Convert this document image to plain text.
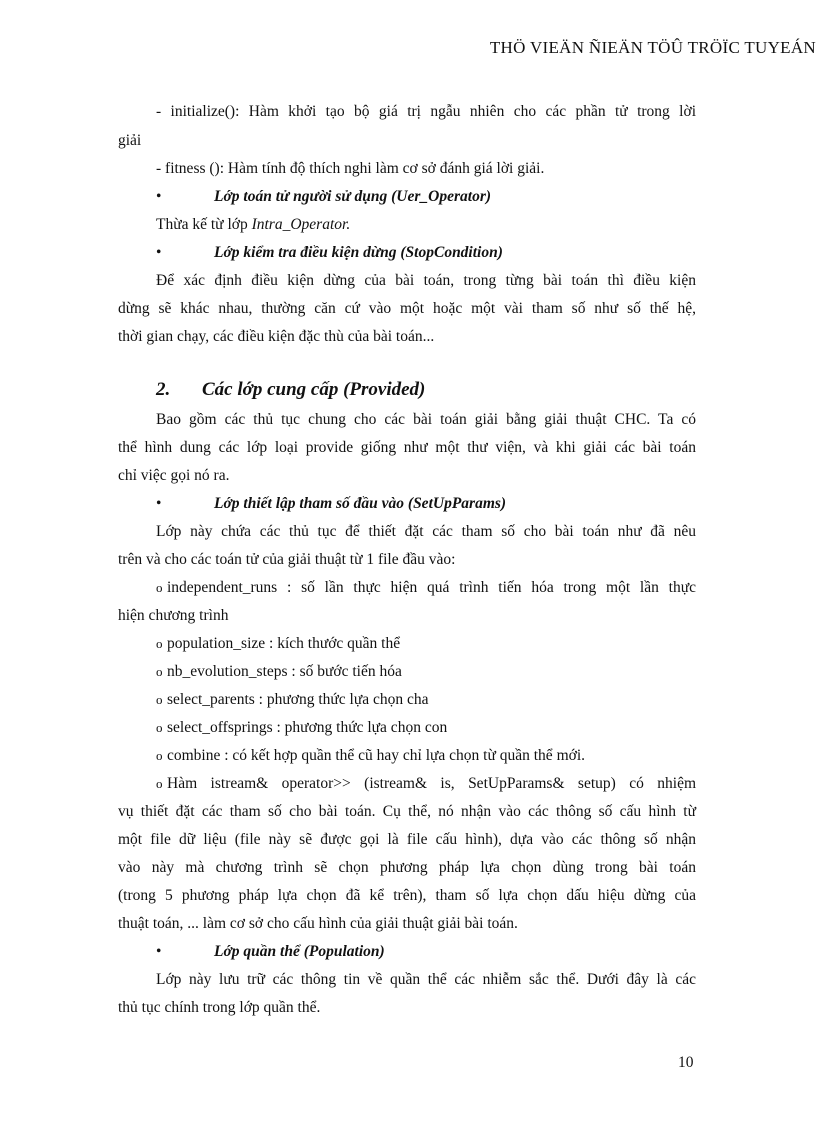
THÖ VIEÄN ÑIEÄN TÖÛ TRÖÏC TUYEÁN
- initialize(): Hàm khởi tạo bộ giá trị ngẫu nhiên cho các phần tử trong lời
giải
- fitness (): Hàm tính độ thích nghi làm cơ sở đánh giá lời giải.
•	Lớp toán tử người sử dụng (Uer_Operator)
Thừa kế từ lớp Intra_Operator.
•	Lớp kiểm tra điều kiện dừng (StopCondition)
Để xác định điều kiện dừng của bài toán, trong từng bài toán thì điều kiện
dừng sẽ khác nhau, thường căn cứ vào một hoặc một vài tham số như số thế hệ,
thời gian chạy, các điều kiện đặc thù của bài toán...
2. Các lớp cung cấp (Provided)
Bao gồm các thủ tục chung cho các bài toán giải bằng giải thuật CHC. Ta có
thể hình dung các lớp loại provide giống như một thư viện, và khi giải các bài toán
chỉ việc gọi nó ra.
•	Lớp thiết lập tham số đầu vào (SetUpParams)
Lớp này chứa các thủ tục để thiết đặt các tham số cho bài toán như đã nêu
trên và cho các toán tử của giải thuật từ 1 file đầu vào:
o independent_runs : số lần thực hiện quá trình tiến hóa trong một lần thực
hiện chương trình
o population_size : kích thước quần thể
o nb_evolution_steps : số bước tiến hóa
o select_parents : phương thức lựa chọn cha
o select_offsprings : phương thức lựa chọn con
o combine : có kết hợp quần thể cũ hay chỉ lựa chọn từ quần thể mới.
o Hàm istream& operator>> (istream& is, SetUpParams& setup) có nhiệm
vụ thiết đặt các tham số cho bài toán. Cụ thể, nó nhận vào các thông số cấu hình từ
một file dữ liệu (file này sẽ được gọi là file cấu hình), dựa vào các thông số nhận
vào này mà chương trình sẽ chọn phương pháp lựa chọn dùng trong bài toán
(trong 5 phương pháp lựa chọn đã kể trên), tham số lựa chọn dấu hiệu dừng của
thuật toán, ... làm cơ sở cho cấu hình của giải thuật giải bài toán.
•	Lớp quần thể (Population)
Lớp này lưu trữ các thông tin về quần thể các nhiễm sắc thể. Dưới đây là các
thủ tục chính trong lớp quần thể.
10
